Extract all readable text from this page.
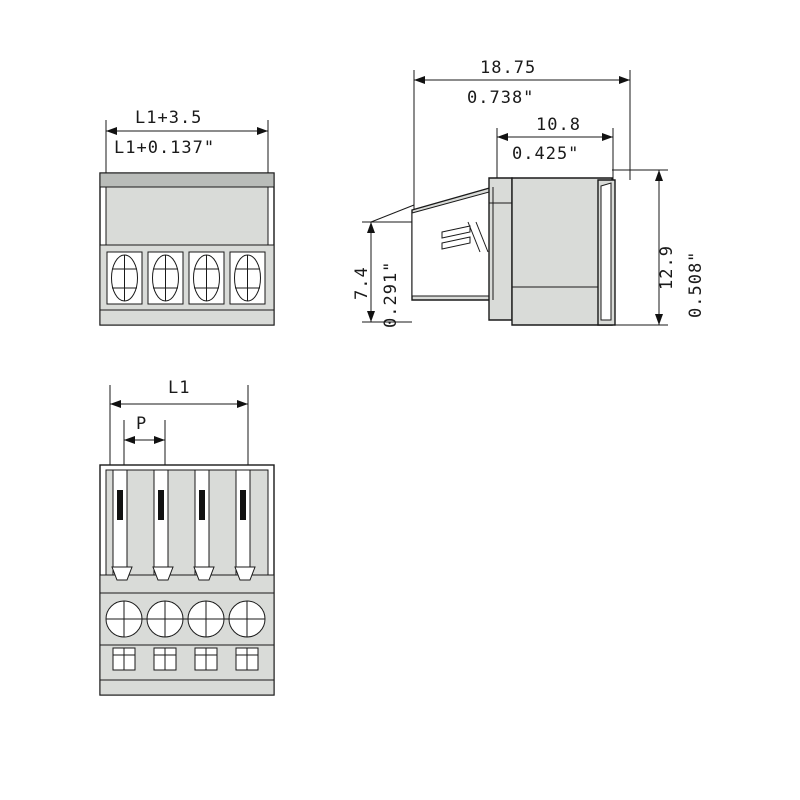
L1+3.5
L1+0.137"
18.75
0.738"
10.8
0.425"
12.9 0.508"
7.4 0.291"
L1
P
